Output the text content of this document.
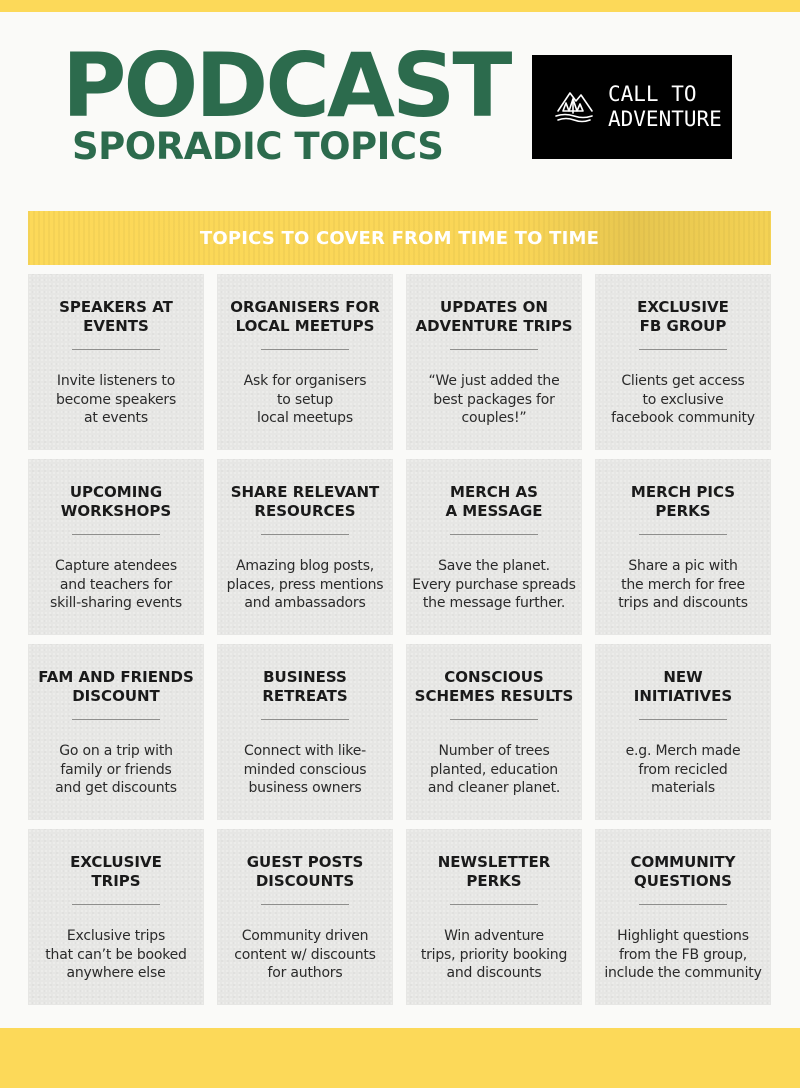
PODCAST
SPORADIC TOPICS
CALL TO
ADVENTURE
TOPICS TO COVER FROM TIME TO TIME
SPEAKERS AT
EVENTS
Invite listeners to
become speakers
at events
ORGANISERS FOR
LOCAL MEETUPS
Ask for organisers
to setup
local meetups
UPDATES ON
ADVENTURE TRIPS
“We just added the
best packages for
couples!”
EXCLUSIVE
FB GROUP
Clients get access
to exclusive
facebook community
UPCOMING
WORKSHOPS
Capture atendees
and teachers for
skill-sharing events
SHARE RELEVANT
RESOURCES
Amazing blog posts,
places, press mentions
and ambassadors
MERCH AS
A MESSAGE
Save the planet.
Every purchase spreads
the message further.
MERCH PICS
PERKS
Share a pic with
the merch for free
trips and discounts
FAM AND FRIENDS
DISCOUNT
Go on a trip with
family or friends
and get discounts
BUSINESS
RETREATS
Connect with like-
minded conscious
business owners
CONSCIOUS
SCHEMES RESULTS
Number of trees
planted, education
and cleaner planet.
NEW
INITIATIVES
e.g. Merch made
from recicled
materials
EXCLUSIVE
TRIPS
Exclusive trips
that can’t be booked
anywhere else
GUEST POSTS
DISCOUNTS
Community driven
content w/ discounts
for authors
NEWSLETTER
PERKS
Win adventure
trips, priority booking
and discounts
COMMUNITY
QUESTIONS
Highlight questions
from the FB group,
include the community
